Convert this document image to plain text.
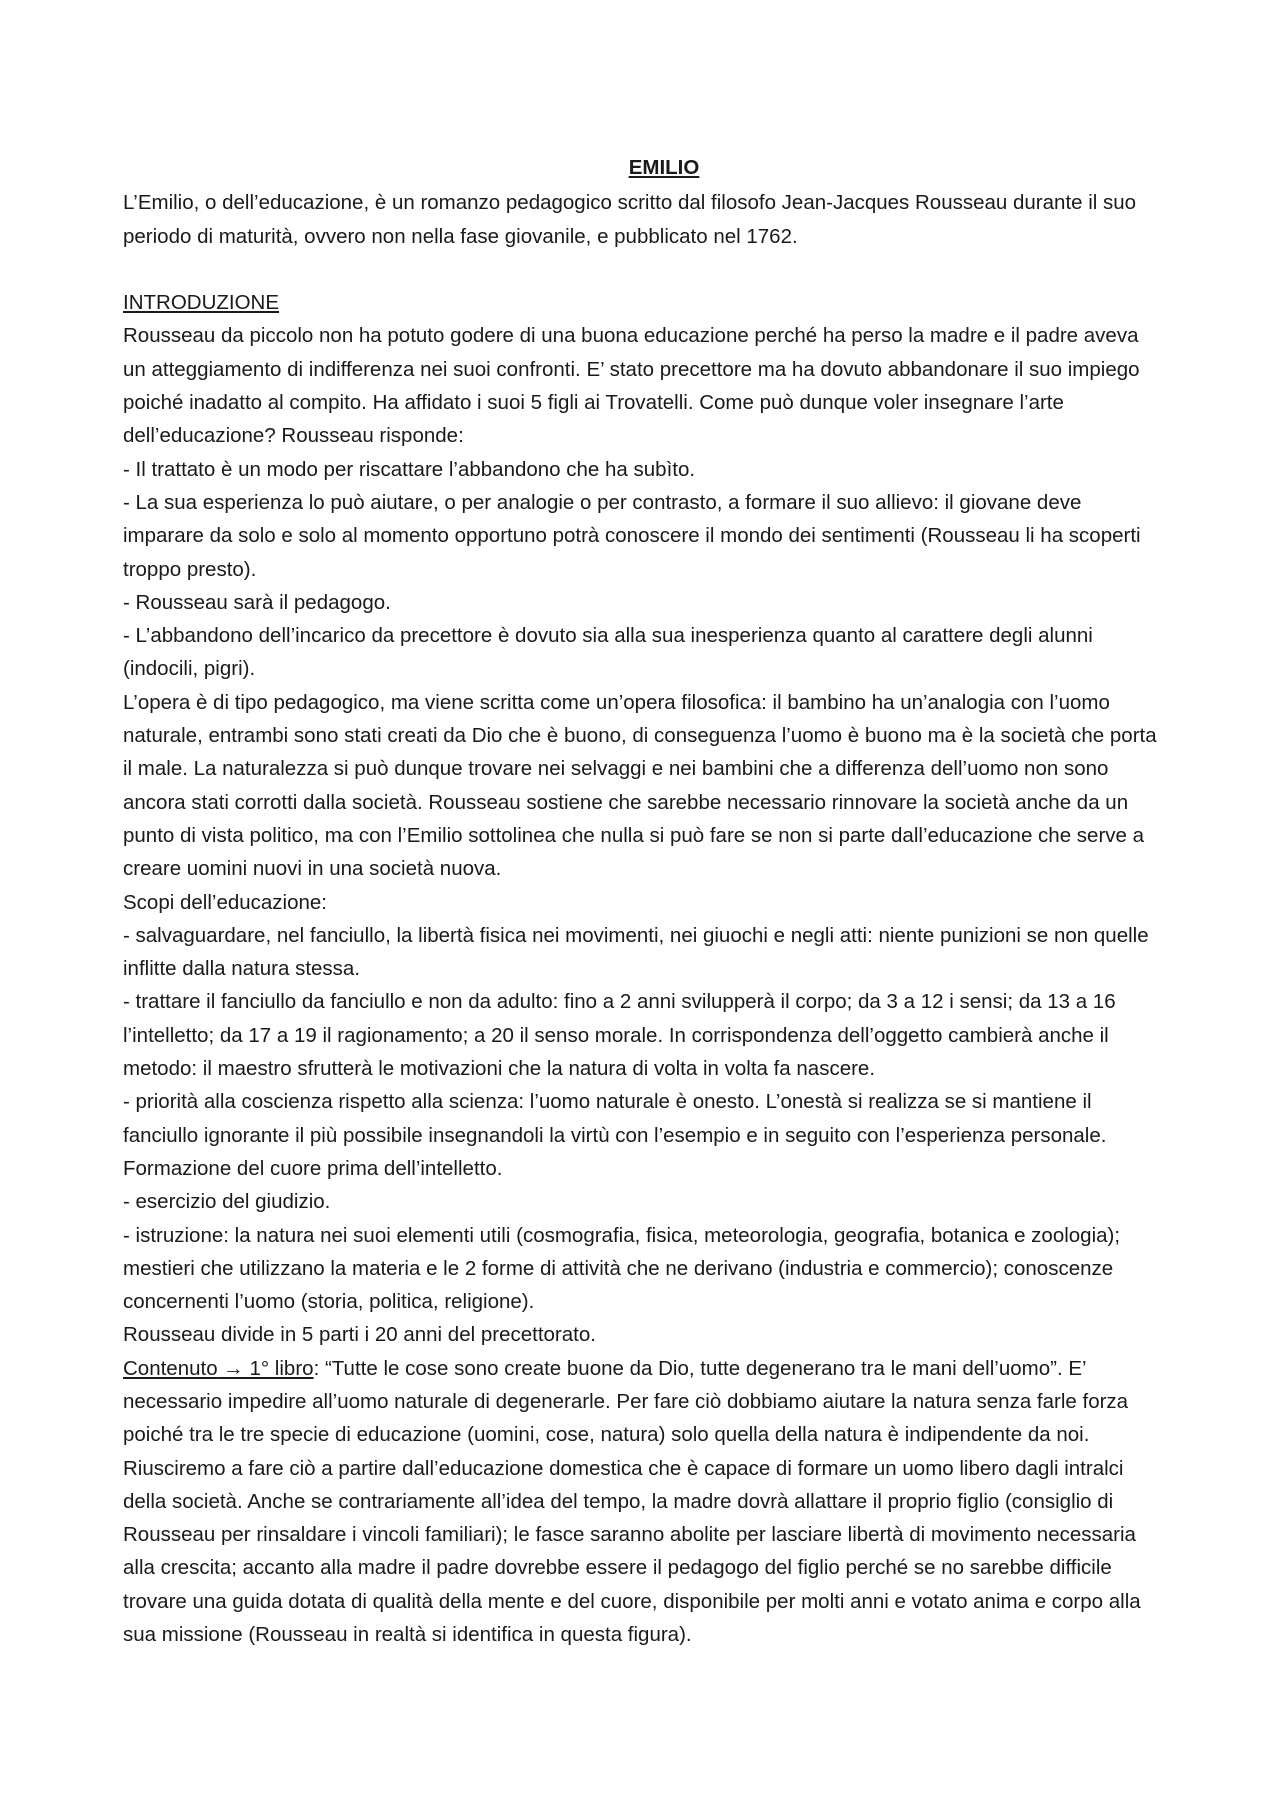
EMILIO

L’Emilio, o dell’educazione, è un romanzo pedagogico scritto dal filosofo Jean-Jacques Rousseau durante il suo periodo di maturità, ovvero non nella fase giovanile, e pubblicato nel 1762.

INTRODUZIONE

Rousseau da piccolo non ha potuto godere di una buona educazione perché ha perso la madre e il padre aveva un atteggiamento di indifferenza nei suoi confronti. E’ stato precettore ma ha dovuto abbandonare il suo impiego poiché inadatto al compito. Ha affidato i suoi 5 figli ai Trovatelli. Come può dunque voler insegnare l’arte dell’educazione? Rousseau risponde:

- Il trattato è un modo per riscattare l’abbandono che ha subìto.

- La sua esperienza lo può aiutare, o per analogie o per contrasto, a formare il suo allievo: il giovane deve imparare da solo e solo al momento opportuno potrà conoscere il mondo dei sentimenti (Rousseau li ha scoperti troppo presto).

- Rousseau sarà il pedagogo.

- L’abbandono dell’incarico da precettore è dovuto sia alla sua inesperienza quanto al carattere degli alunni (indocili, pigri).

L’opera è di tipo pedagogico, ma viene scritta come un’opera filosofica: il bambino ha un’analogia con l’uomo naturale, entrambi sono stati creati da Dio che è buono, di conseguenza l’uomo è buono ma è la società che porta il male. La naturalezza si può dunque trovare nei selvaggi e nei bambini che a differenza dell’uomo non sono ancora stati corrotti dalla società. Rousseau sostiene che sarebbe necessario rinnovare la società anche da un punto di vista politico, ma con l’Emilio sottolinea che nulla si può fare se non si parte dall’educazione che serve a creare uomini nuovi in una società nuova.

Scopi dell’educazione:

- salvaguardare, nel fanciullo, la libertà fisica nei movimenti, nei giuochi e negli atti: niente punizioni se non quelle inflitte dalla natura stessa.

- trattare il fanciullo da fanciullo e non da adulto: fino a 2 anni svilupperà il corpo; da 3 a 12 i sensi; da 13 a 16 l’intelletto; da 17 a 19 il ragionamento; a 20 il senso morale. In corrispondenza dell’oggetto cambierà anche il metodo: il maestro sfrutterà le motivazioni che la natura di volta in volta fa nascere.

- priorità alla coscienza rispetto alla scienza: l’uomo naturale è onesto. L’onestà si realizza se si mantiene il fanciullo ignorante il più possibile insegnandoli la virtù con l’esempio e in seguito con l’esperienza personale. Formazione del cuore prima dell’intelletto.

- esercizio del giudizio.

- istruzione: la natura nei suoi elementi utili (cosmografia, fisica, meteorologia, geografia, botanica e zoologia); mestieri che utilizzano la materia e le 2 forme di attività che ne derivano (industria e commercio); conoscenze concernenti l’uomo (storia, politica, religione).

Rousseau divide in 5 parti i 20 anni del precettorato.

Contenuto → 1° libro: “Tutte le cose sono create buone da Dio, tutte degenerano tra le mani dell’uomo”. E’ necessario impedire all’uomo naturale di degenerarle. Per fare ciò dobbiamo aiutare la natura senza farle forza poiché tra le tre specie di educazione (uomini, cose, natura) solo quella della natura è indipendente da noi. Riusciremo a fare ciò a partire dall’educazione domestica che è capace di formare un uomo libero dagli intralci della società. Anche se contrariamente all’idea del tempo, la madre dovrà allattare il proprio figlio (consiglio di Rousseau per rinsaldare i vincoli familiari); le fasce saranno abolite per lasciare libertà di movimento necessaria alla crescita; accanto alla madre il padre dovrebbe essere il pedagogo del figlio perché se no sarebbe difficile trovare una guida dotata di qualità della mente e del cuore, disponibile per molti anni e votato anima e corpo alla sua missione (Rousseau in realtà si identifica in questa figura).
